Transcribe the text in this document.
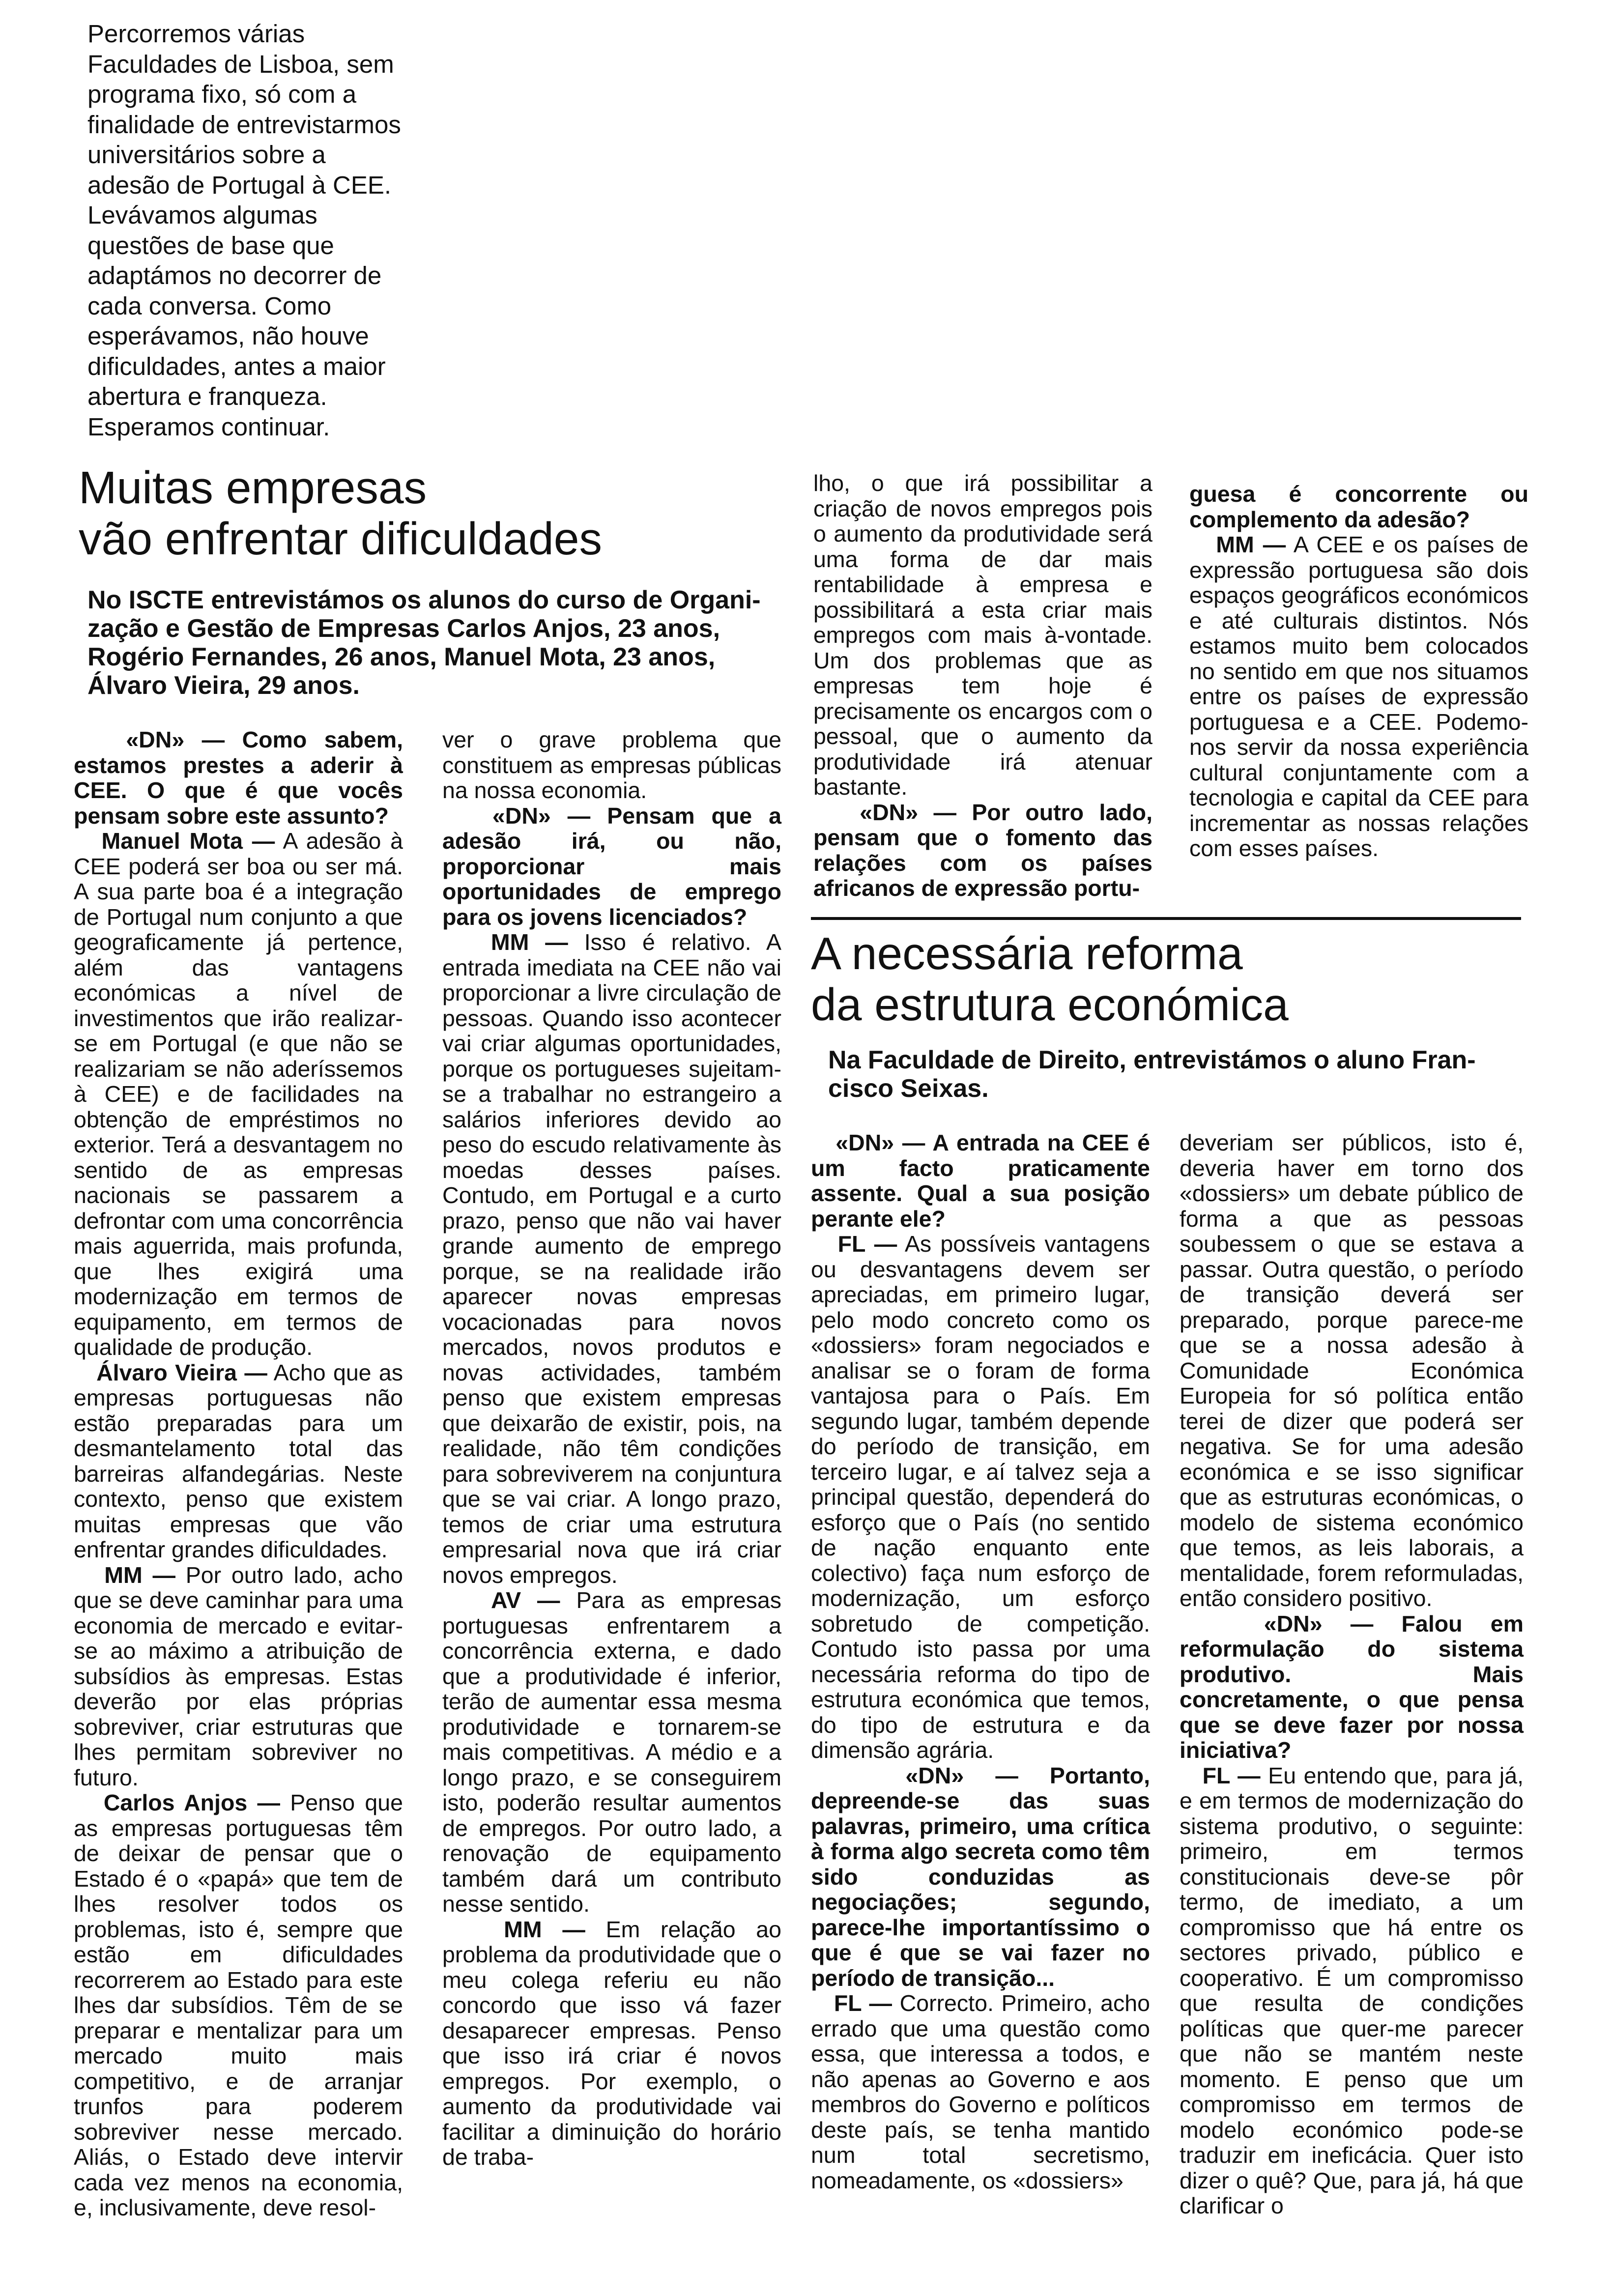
Percorremos várias

Faculdades de Lisboa, sem

programa fixo, só com a

finalidade de entrevistarmos

universitários sobre a

adesão de Portugal à CEE.

Levávamos algumas

questões de base que

adaptámos no decorrer de

cada conversa. Como

esperávamos, não houve

dificuldades, antes a maior

abertura e franqueza.

Esperamos continuar.

Muitas empresas

vão enfrentar dificuldades

No ISCTE entrevistámos os alunos do curso de Organi-

zação e Gestão de Empresas Carlos Anjos, 23 anos,

Rogério Fernandes, 26 anos, Manuel Mota, 23 anos,

Álvaro Vieira, 29 anos.

«DN» — Como sabem, estamos prestes a aderir à CEE. O que é que vocês pensam sobre este assunto?

Manuel Mota — A adesão à CEE poderá ser boa ou ser má. A sua parte boa é a integração de Portugal num conjunto a que geograficamente já pertence, além das vantagens económicas a nível de investimentos que irão realizar-se em Portugal (e que não se realizariam se não aderíssemos à CEE) e de facilidades na obtenção de empréstimos no exterior. Terá a desvantagem no sentido de as empresas nacionais se passarem a defrontar com uma concorrência mais aguerrida, mais profunda, que lhes exigirá uma modernização em termos de equipamento, em termos de qualidade de produção.

Álvaro Vieira — Acho que as empresas portuguesas não estão preparadas para um desmantelamento total das barreiras alfandegárias. Neste contexto, penso que existem muitas empresas que vão enfrentar grandes dificuldades.

MM — Por outro lado, acho que se deve caminhar para uma economia de mercado e evitar-se ao máximo a atribuição de subsídios às empresas. Estas deverão por elas próprias sobreviver, criar estruturas que lhes permitam sobreviver no futuro.

Carlos Anjos — Penso que as empresas portuguesas têm de deixar de pensar que o Estado é o «papá» que tem de lhes resolver todos os problemas, isto é, sempre que estão em dificuldades recorrerem ao Estado para este lhes dar subsídios. Têm de se preparar e mentalizar para um mercado muito mais competitivo, e de arranjar trunfos para poderem sobreviver nesse mercado. Aliás, o Estado deve intervir cada vez menos na economia, e, inclusivamente, deve resol-

ver o grave problema que constituem as empresas públicas na nossa economia.

«DN» — Pensam que a adesão irá, ou não, proporcionar mais oportunidades de emprego para os jovens licenciados?

MM — Isso é relativo. A entrada imediata na CEE não vai proporcionar a livre circulação de pessoas. Quando isso acontecer vai criar algumas oportunidades, porque os portugueses sujeitam-se a trabalhar no estrangeiro a salários inferiores devido ao peso do escudo relativamente às moedas desses países. Contudo, em Portugal e a curto prazo, penso que não vai haver grande aumento de emprego porque, se na realidade irão aparecer novas empresas vocacionadas para novos mercados, novos produtos e novas actividades, também penso que existem empresas que deixarão de existir, pois, na realidade, não têm condições para sobreviverem na conjuntura que se vai criar. A longo prazo, temos de criar uma estrutura empresarial nova que irá criar novos empregos.

AV — Para as empresas portuguesas enfrentarem a concorrência externa, e dado que a produtividade é inferior, terão de aumentar essa mesma produtividade e tornarem-se mais competitivas. A médio e a longo prazo, e se conseguirem isto, poderão resultar aumentos de empregos. Por outro lado, a renovação de equipamento também dará um contributo nesse sentido.

MM — Em relação ao problema da produtividade que o meu colega referiu eu não concordo que isso vá fazer desaparecer empresas. Penso que isso irá criar é novos empregos. Por exemplo, o aumento da produtividade vai facilitar a diminuição do horário de traba-

lho, o que irá possibilitar a criação de novos empregos pois o aumento da produtividade será uma forma de dar mais rentabilidade à empresa e possibilitará a esta criar mais empregos com mais à-vontade. Um dos problemas que as empresas tem hoje é precisamente os encargos com o pessoal, que o aumento da produtividade irá atenuar bastante.

«DN» — Por outro lado, pensam que o fomento das relações com os países africanos de expressão portu-

guesa é concorrente ou complemento da adesão?

MM — A CEE e os países de expressão portuguesa são dois espaços geográficos económicos e até culturais distintos. Nós estamos muito bem colocados no sentido em que nos situamos entre os países de expressão portuguesa e a CEE. Podemo-nos servir da nossa experiência cultural conjuntamente com a tecnologia e capital da CEE para incrementar as nossas relações com esses países.

A necessária reforma

da estrutura económica

Na Faculdade de Direito, entrevistámos o aluno Fran-

cisco Seixas.

«DN» — A entrada na CEE é um facto praticamente assente. Qual a sua posição perante ele?

FL — As possíveis vantagens ou desvantagens devem ser apreciadas, em primeiro lugar, pelo modo concreto como os «dossiers» foram negociados e analisar se o foram de forma vantajosa para o País. Em segundo lugar, também depende do período de transição, em terceiro lugar, e aí talvez seja a principal questão, dependerá do esforço que o País (no sentido de nação enquanto ente colectivo) faça num esforço de modernização, um esforço sobretudo de competição. Contudo isto passa por uma necessária reforma do tipo de estrutura económica que temos, do tipo de estrutura e da dimensão agrária.

«DN» — Portanto, depreende-se das suas palavras, primeiro, uma crítica à forma algo secreta como têm sido conduzidas as negociações; segundo, parece-lhe importantíssimo o que é que se vai fazer no período de transição...

FL — Correcto. Primeiro, acho errado que uma questão como essa, que interessa a todos, e não apenas ao Governo e aos membros do Governo e políticos deste país, se tenha mantido num total secretismo, nomeadamente, os «dossiers»

deveriam ser públicos, isto é, deveria haver em torno dos «dossiers» um debate público de forma a que as pessoas soubessem o que se estava a passar. Outra questão, o período de transição deverá ser preparado, porque parece-me que se a nossa adesão à Comunidade Económica Europeia for só política então terei de dizer que poderá ser negativa. Se for uma adesão económica e se isso significar que as estruturas económicas, o modelo de sistema económico que temos, as leis laborais, a mentalidade, forem reformuladas, então considero positivo.

«DN» — Falou em reformulação do sistema produtivo. Mais concretamente, o que pensa que se deve fazer por nossa iniciativa?

FL — Eu entendo que, para já, e em termos de modernização do sistema produtivo, o seguinte: primeiro, em termos constitucionais deve-se pôr termo, de imediato, a um compromisso que há entre os sectores privado, público e cooperativo. É um compromisso que resulta de condições políticas que quer-me parecer que não se mantém neste momento. E penso que um compromisso em termos de modelo económico pode-se traduzir em ineficácia. Quer isto dizer o quê? Que, para já, há que clarificar o
